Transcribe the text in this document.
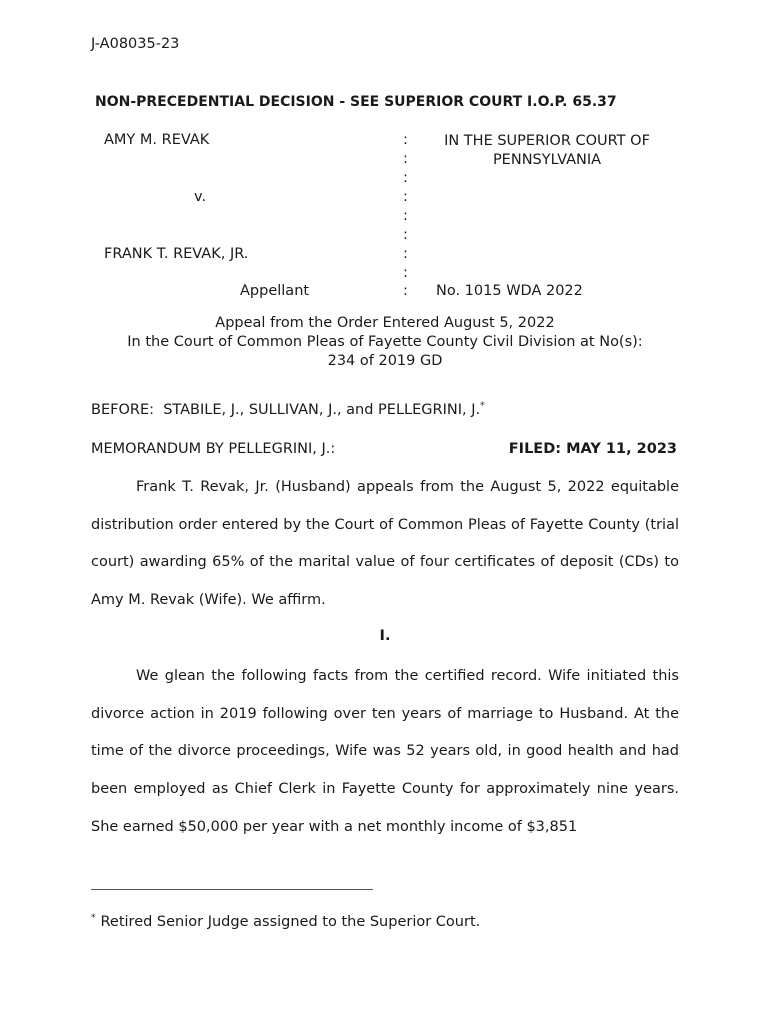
J-A08035-23
NON-PRECEDENTIAL DECISION - SEE SUPERIOR COURT I.O.P. 65.37
AMY M. REVAK
v.
FRANK T. REVAK, JR.
Appellant
:
:
:
:
:
:
:
:
:
IN THE SUPERIOR COURT OF
PENNSYLVANIA
No. 1015 WDA 2022
Appeal from the Order Entered August 5, 2022
In the Court of Common Pleas of Fayette County Civil Division at No(s):
234 of 2019 GD
BEFORE:  STABILE, J., SULLIVAN, J., and PELLEGRINI, J.*
MEMORANDUM BY PELLEGRINI, J.:	FILED: MAY 11, 2023
Frank T. Revak, Jr. (Husband) appeals from the August 5, 2022 equitable distribution order entered by the Court of Common Pleas of Fayette County (trial court) awarding 65% of the marital value of four certificates of deposit (CDs) to Amy M. Revak (Wife). We affirm.
I.
We glean the following facts from the certified record. Wife initiated this divorce action in 2019 following over ten years of marriage to Husband. At the time of the divorce proceedings, Wife was 52 years old, in good health and had been employed as Chief Clerk in Fayette County for approximately nine years. She earned $50,000 per year with a net monthly income of $3,851
* Retired Senior Judge assigned to the Superior Court.
